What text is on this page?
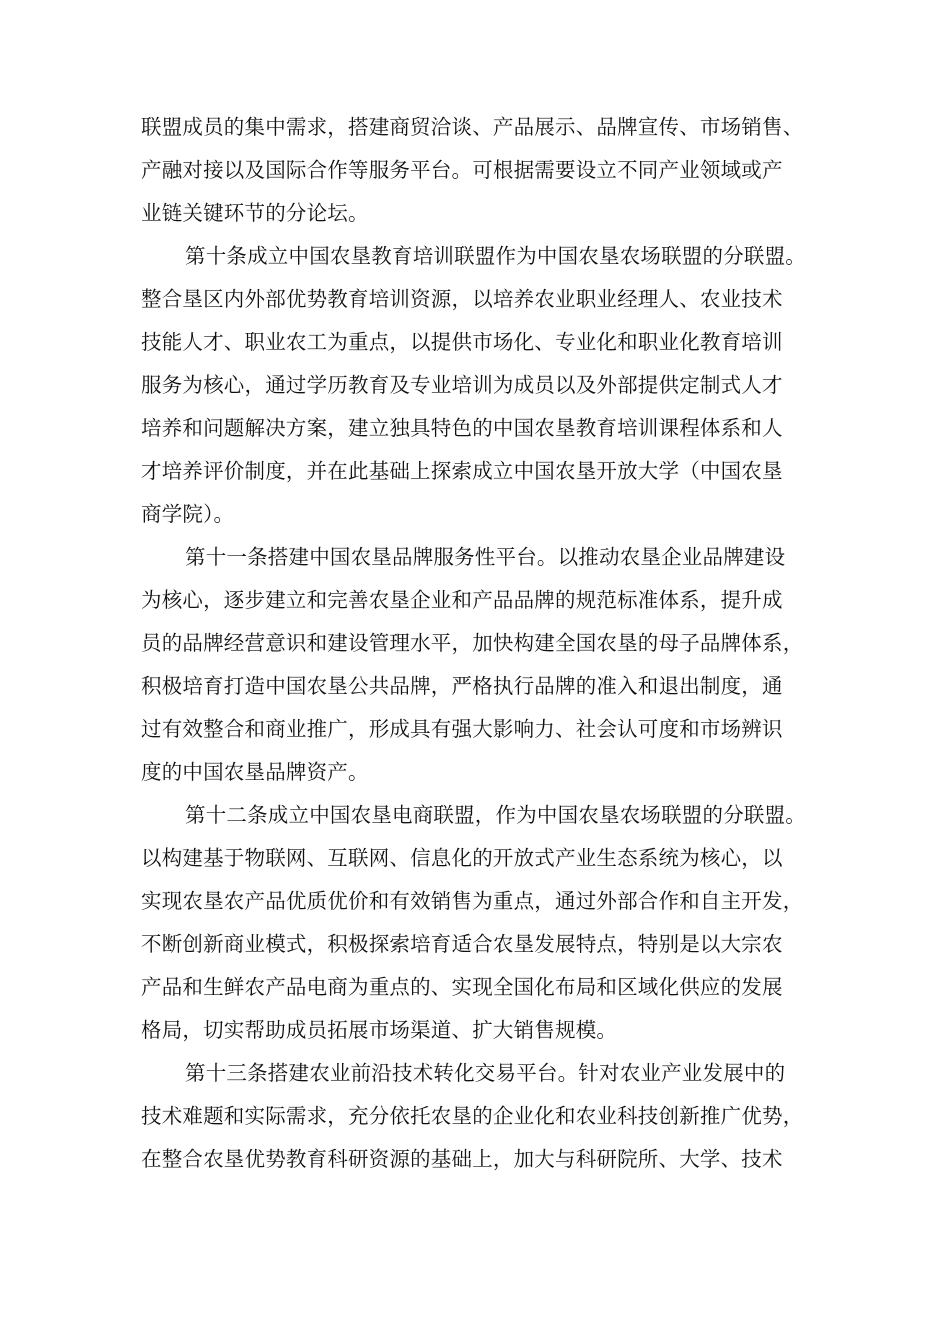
联盟成员的集中需求，搭建商贸洽谈、产品展示、品牌宣传、市场销售、
产融对接以及国际合作等服务平台。可根据需要设立不同产业领域或产
业链关键环节的分论坛。
第十条成立中国农垦教育培训联盟作为中国农垦农场联盟的分联盟。
整合垦区内外部优势教育培训资源，以培养农业职业经理人、农业技术
技能人才、职业农工为重点，以提供市场化、专业化和职业化教育培训
服务为核心，通过学历教育及专业培训为成员以及外部提供定制式人才
培养和问题解决方案，建立独具特色的中国农垦教育培训课程体系和人
才培养评价制度，并在此基础上探索成立中国农垦开放大学（中国农垦
商学院）。
第十一条搭建中国农垦品牌服务性平台。以推动农垦企业品牌建设
为核心，逐步建立和完善农垦企业和产品品牌的规范标准体系，提升成
员的品牌经营意识和建设管理水平，加快构建全国农垦的母子品牌体系，
积极培育打造中国农垦公共品牌，严格执行品牌的准入和退出制度，通
过有效整合和商业推广，形成具有强大影响力、社会认可度和市场辨识
度的中国农垦品牌资产。
第十二条成立中国农垦电商联盟，作为中国农垦农场联盟的分联盟。
以构建基于物联网、互联网、信息化的开放式产业生态系统为核心，以
实现农垦农产品优质优价和有效销售为重点，通过外部合作和自主开发，
不断创新商业模式，积极探索培育适合农垦发展特点，特别是以大宗农
产品和生鲜农产品电商为重点的、实现全国化布局和区域化供应的发展
格局，切实帮助成员拓展市场渠道、扩大销售规模。
第十三条搭建农业前沿技术转化交易平台。针对农业产业发展中的
技术难题和实际需求，充分依托农垦的企业化和农业科技创新推广优势，
在整合农垦优势教育科研资源的基础上，加大与科研院所、大学、技术
